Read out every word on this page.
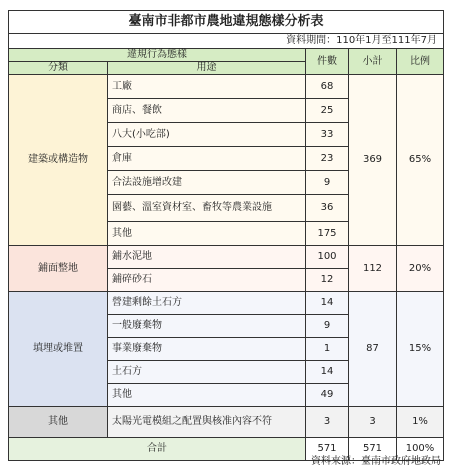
臺南市非都市農地違規態樣分析表				
資料期間：110年1月至111年7月				
違規行為態樣		件數	小計	比例
分類	用途			
建築或構造物	工廠	68	369	65%
	商店、餐飲	25		
	八大(小吃部)	33		
	倉庫	23		
	合法設施增改建	9		
	園藝、溫室資材室、畜牧等農業設施	36		
	其他	175		
鋪面整地	鋪水泥地	100	112	20%
	鋪碎砂石	12		
填埋或堆置	營建剩餘土石方	14	87	15%
	一般廢棄物	9		
	事業廢棄物	1		
	土石方	14		
	其他	49		
其他	太陽光電模組之配置與核准內容不符	3	3	1%
合計		571	571	100%
資料來源：臺南市政府地政局
